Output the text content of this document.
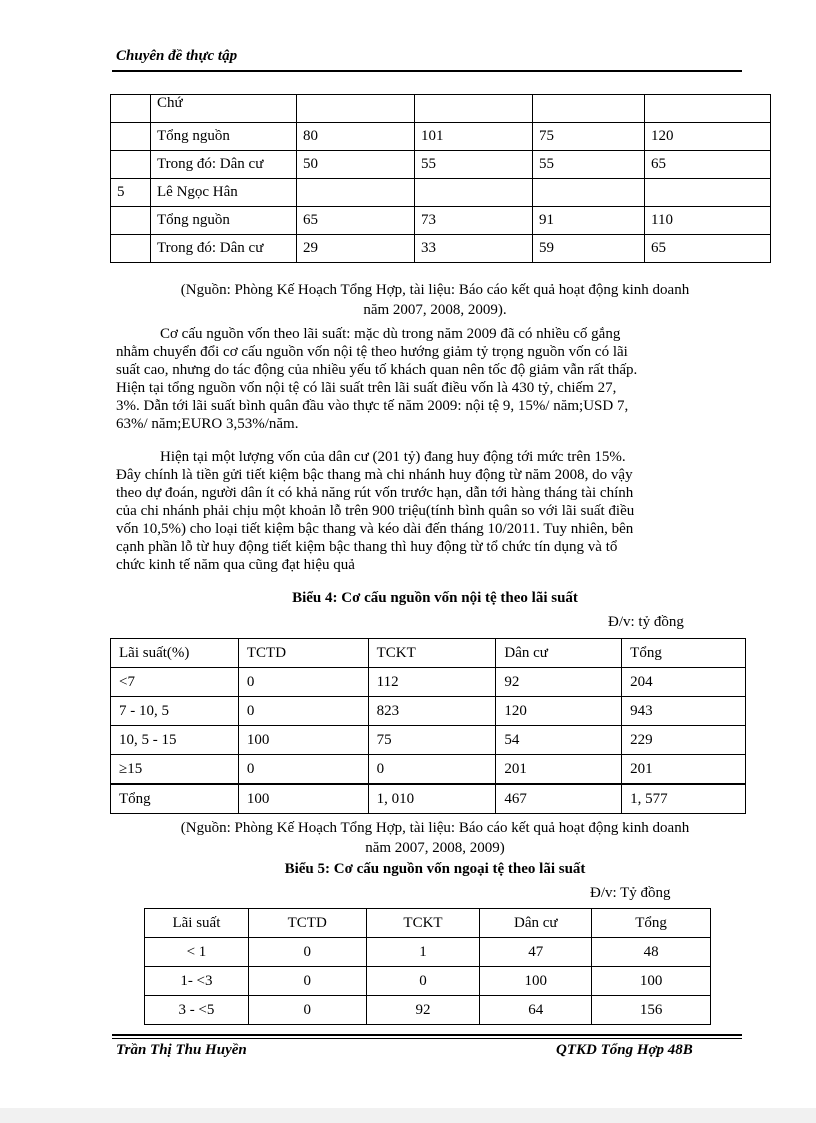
Chuyên đề thực tập
	Chứ				
	Tổng nguồn	80	101	75	120
	Trong đó: Dân cư	50	55	55	65
5	Lê Ngọc Hân				
	Tổng nguồn	65	73	91	110
	Trong đó: Dân cư	29	33	59	65
(Nguồn: Phòng Kế Hoạch Tổng Hợp, tài liệu: Báo cáo kết quả hoạt động kinh doanh
năm 2007, 2008, 2009).
Cơ cấu nguồn vốn theo lãi suất: mặc dù trong năm 2009 đã có nhiều cố gắng
nhằm chuyển đổi cơ cấu nguồn vốn nội tệ theo hướng giảm tỷ trọng nguồn vốn có lãi
suất cao, nhưng do tác động của nhiều yếu tố khách quan nên tốc độ giảm vẫn rất thấp.
Hiện tại tổng nguồn vốn nội tệ có lãi suất trên lãi suất điều vốn là 430 tỷ, chiếm 27,
3%. Dẫn tới lãi suất bình quân đầu vào thực tế năm 2009: nội tệ 9, 15%/ năm;USD 7,
63%/ năm;EURO 3,53%/năm.
Hiện tại một lượng vốn của dân cư (201 tỷ) đang huy động tới mức trên 15%.
Đây chính là tiền gửi tiết kiệm bậc thang mà chi nhánh huy động từ năm 2008, do vậy
theo dự đoán, người dân ít có khả năng rút vốn trước hạn, dẫn tới hàng tháng tài chính
của chi nhánh phải chịu một khoản lỗ trên 900 triệu(tính bình quân so với lãi suất điều
vốn 10,5%) cho loại tiết kiệm bậc thang và kéo dài đến tháng 10/2011. Tuy nhiên, bên
cạnh phần lỗ từ huy động tiết kiệm bậc thang thì huy động từ tổ chức tín dụng và tổ
chức kinh tế năm qua cũng đạt hiệu quả
Biểu 4: Cơ cấu nguồn vốn nội tệ theo lãi suất
Đ/v: tỷ đồng
Lãi suất(%)	TCTD	TCKT	Dân cư	Tổng
<7	0	112	92	204
7 - 10, 5	0	823	120	943
10, 5 - 15	100	75	54	229
≥15	0	0	201	201
Tổng	100	1, 010	467	1, 577
(Nguồn: Phòng Kế Hoạch Tổng Hợp, tài liệu: Báo cáo kết quả hoạt động kinh doanh
năm 2007, 2008, 2009)
Biểu 5: Cơ cấu nguồn vốn ngoại tệ theo lãi suất
Đ/v: Tỷ đồng
Lãi suất	TCTD	TCKT	Dân cư	Tổng
< 1	0	1	47	48
1- <3	0	0	100	100
3 - <5	0	92	64	156
Trần Thị Thu Huyền	QTKD Tổng Hợp 48B
